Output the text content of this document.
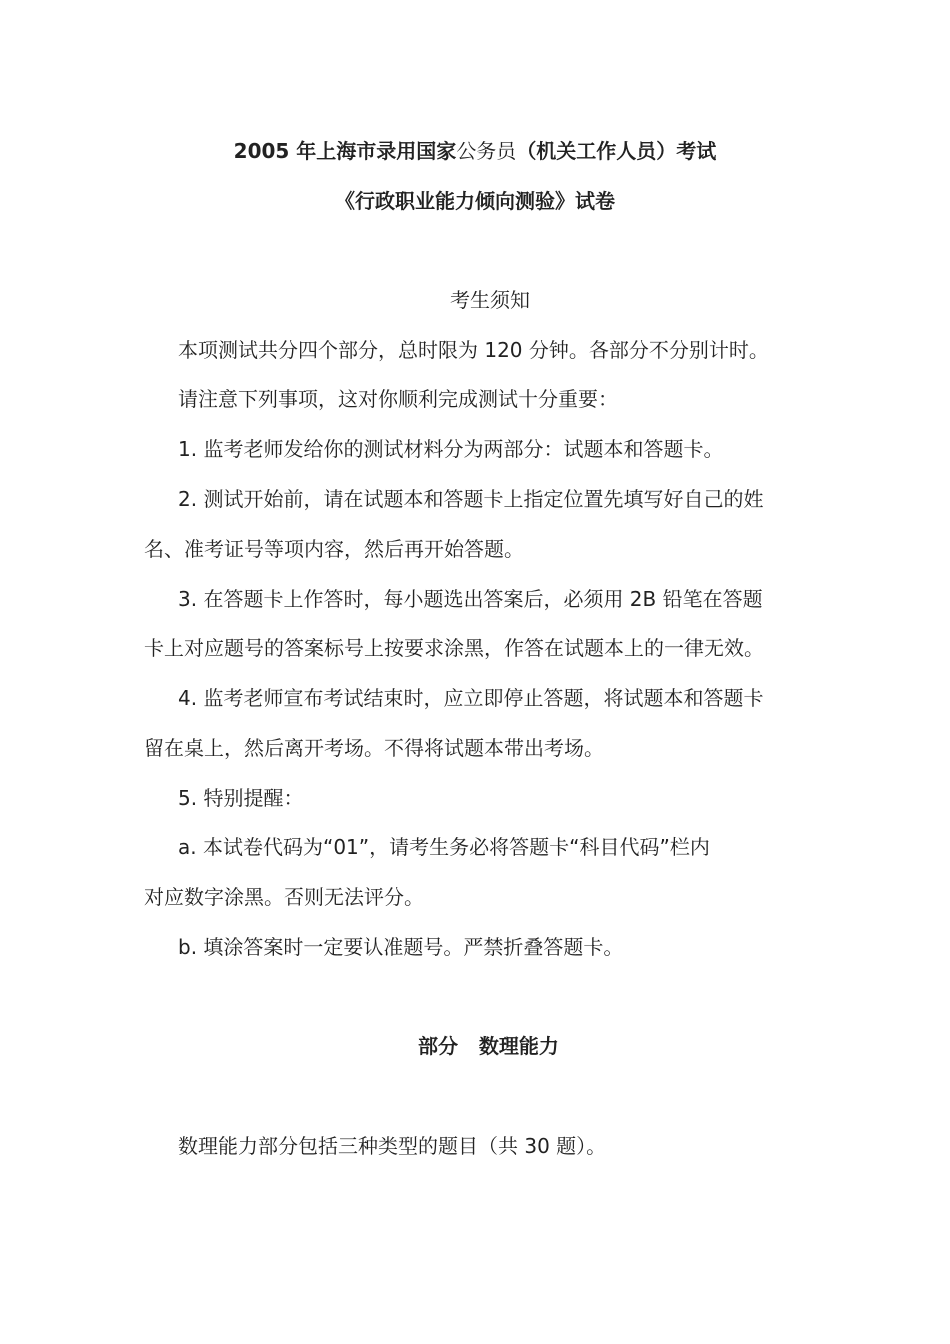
2005 年上海市录用国家公务员（机关工作人员）考试
《行政职业能力倾向测验》试卷
考生须知
本项测试共分四个部分，总时限为 120 分钟。各部分不分别计时。
请注意下列事项，这对你顺利完成测试十分重要：
1. 监考老师发给你的测试材料分为两部分：试题本和答题卡。
2. 测试开始前，请在试题本和答题卡上指定位置先填写好自己的姓
名、准考证号等项内容，然后再开始答题。
3. 在答题卡上作答时，每小题选出答案后，必须用 2B 铅笔在答题
卡上对应题号的答案标号上按要求涂黑，作答在试题本上的一律无效。
4. 监考老师宣布考试结束时，应立即停止答题，将试题本和答题卡
留在桌上，然后离开考场。不得将试题本带出考场。
5. 特别提醒：
a. 本试卷代码为“01”，请考生务必将答题卡“科目代码”栏内
对应数字涂黑。否则无法评分。
b. 填涂答案时一定要认准题号。严禁折叠答题卡。
部分   数理能力
数理能力部分包括三种类型的题目（共 30 题）。
